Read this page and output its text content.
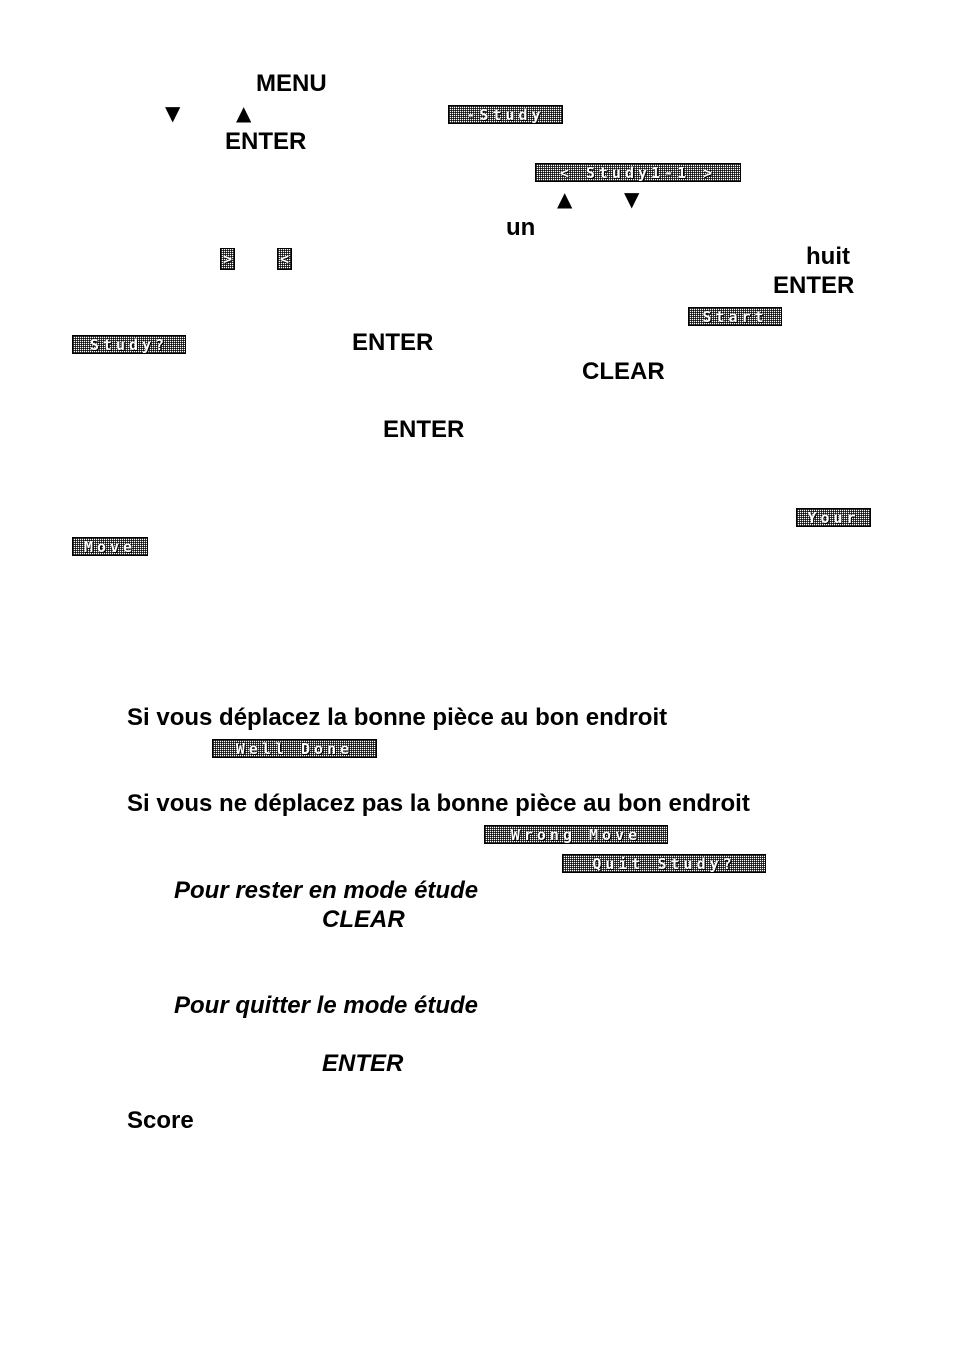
MENU
▼	▲	-Study
ENTER
< Study1-1 >
▲	▼
un
>	<	huit
ENTER
Start
Study?	ENTER
CLEAR
ENTER
Your
Move
Si vous déplacez la bonne pièce au bon endroit
Well Done
Si vous ne déplacez pas la bonne pièce au bon endroit
Wrong Move
Quit Study?
Pour rester en mode étude
CLEAR
Pour quitter le mode étude
ENTER
Score
